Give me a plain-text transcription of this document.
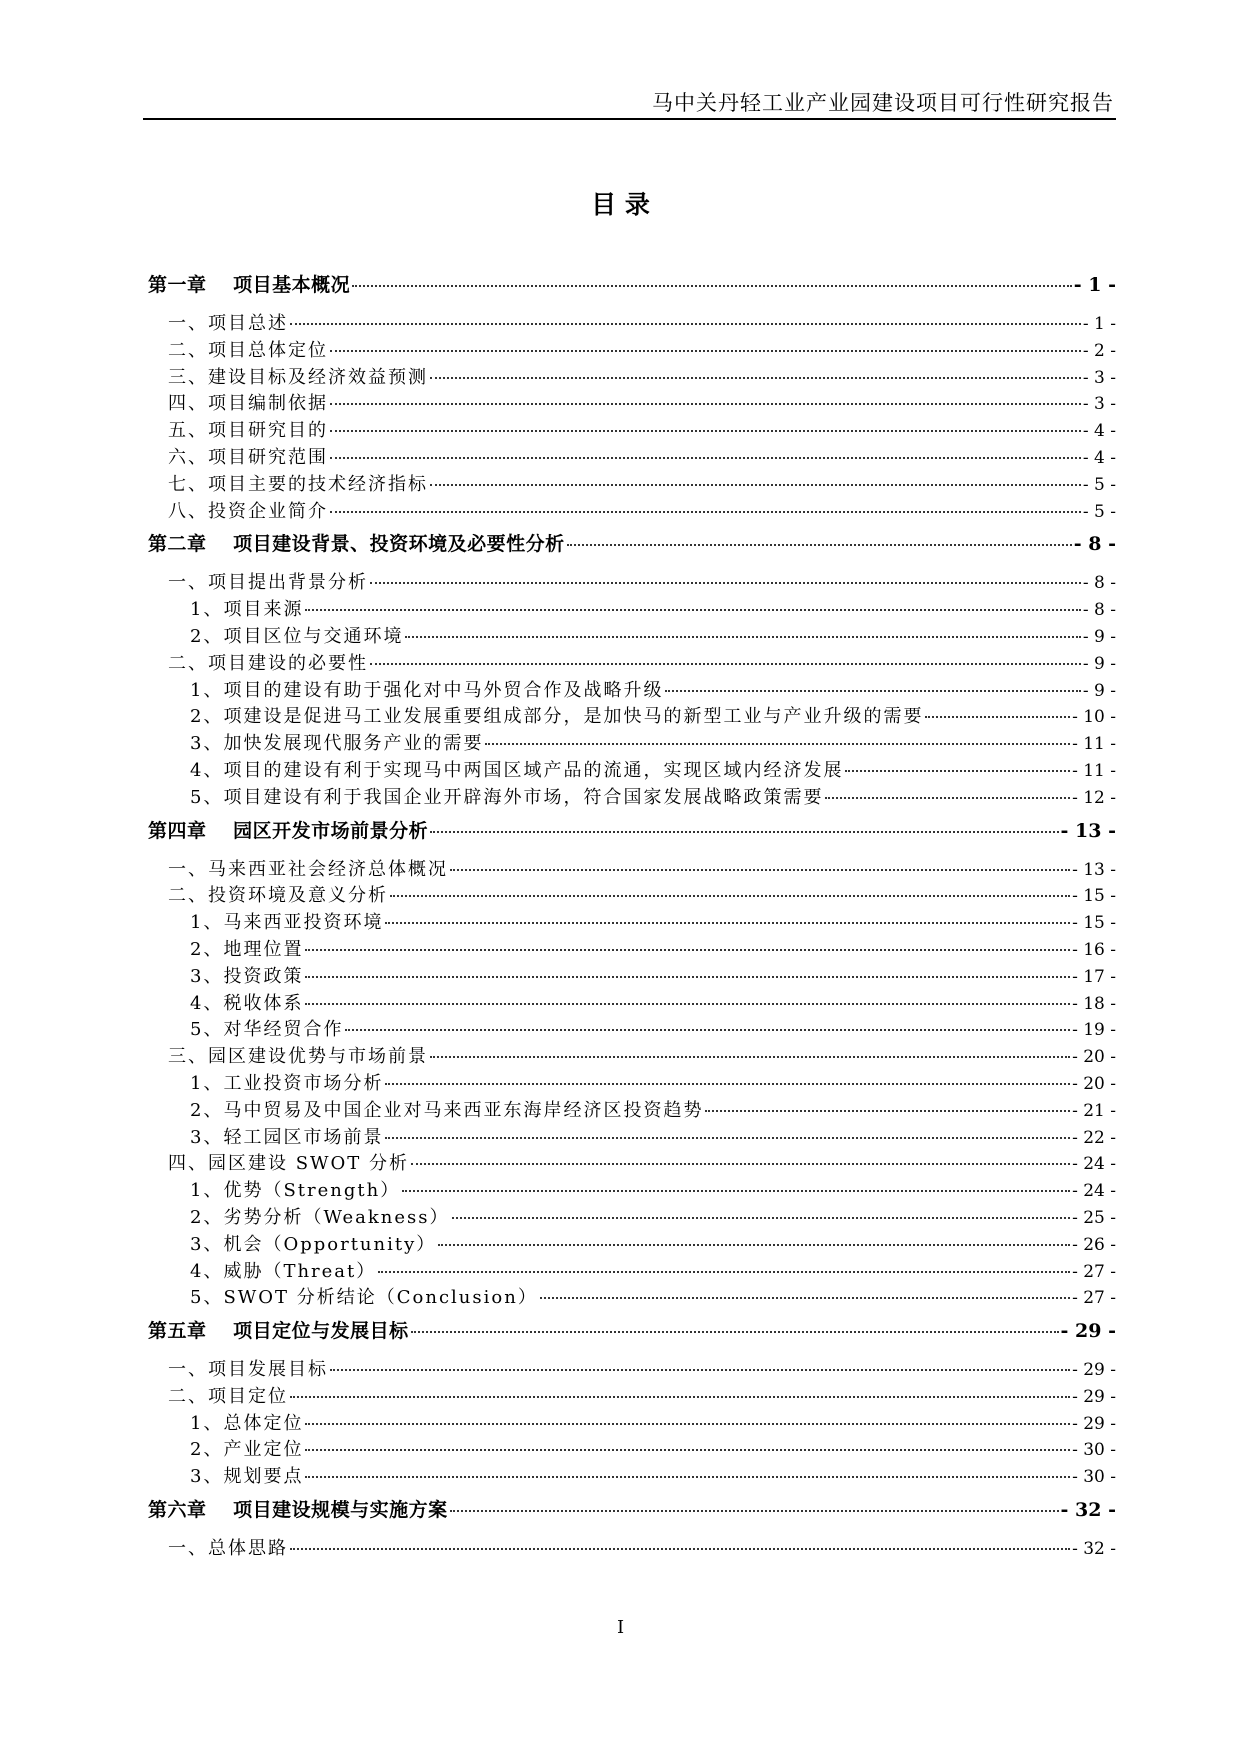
马中关丹轻工业产业园建设项目可行性研究报告
目 录
第一章　 项目基本概况	- 1 -
一、项目总述	- 1 -
二、项目总体定位	- 2 -
三、建设目标及经济效益预测	- 3 -
四、项目编制依据	- 3 -
五、项目研究目的	- 4 -
六、项目研究范围	- 4 -
七、项目主要的技术经济指标	- 5 -
八、投资企业简介	- 5 -
第二章　 项目建设背景、投资环境及必要性分析	- 8 -
一、项目提出背景分析	- 8 -
1、项目来源	- 8 -
2、项目区位与交通环境	- 9 -
二、项目建设的必要性	- 9 -
1、项目的建设有助于强化对中马外贸合作及战略升级	- 9 -
2、项建设是促进马工业发展重要组成部分，是加快马的新型工业与产业升级的需要	- 10 -
3、加快发展现代服务产业的需要	- 11 -
4、项目的建设有利于实现马中两国区域产品的流通，实现区域内经济发展	- 11 -
5、项目建设有利于我国企业开辟海外市场，符合国家发展战略政策需要	- 12 -
第四章　 园区开发市场前景分析	- 13 -
一、马来西亚社会经济总体概况	- 13 -
二、投资环境及意义分析	- 15 -
1、马来西亚投资环境	- 15 -
2、地理位置	- 16 -
3、投资政策	- 17 -
4、税收体系	- 18 -
5、对华经贸合作	- 19 -
三、园区建设优势与市场前景	- 20 -
1、工业投资市场分析	- 20 -
2、马中贸易及中国企业对马来西亚东海岸经济区投资趋势	- 21 -
3、轻工园区市场前景	- 22 -
四、园区建设 SWOT 分析	- 24 -
1、优势（Strength）	- 24 -
2、劣势分析（Weakness）	- 25 -
3、机会（Opportunity）	- 26 -
4、威胁（Threat）	- 27 -
5、SWOT 分析结论（Conclusion）	- 27 -
第五章　 项目定位与发展目标	- 29 -
一、项目发展目标	- 29 -
二、项目定位	- 29 -
1、总体定位	- 29 -
2、产业定位	- 30 -
3、规划要点	- 30 -
第六章　 项目建设规模与实施方案	- 32 -
一、总体思路	- 32 -
I
